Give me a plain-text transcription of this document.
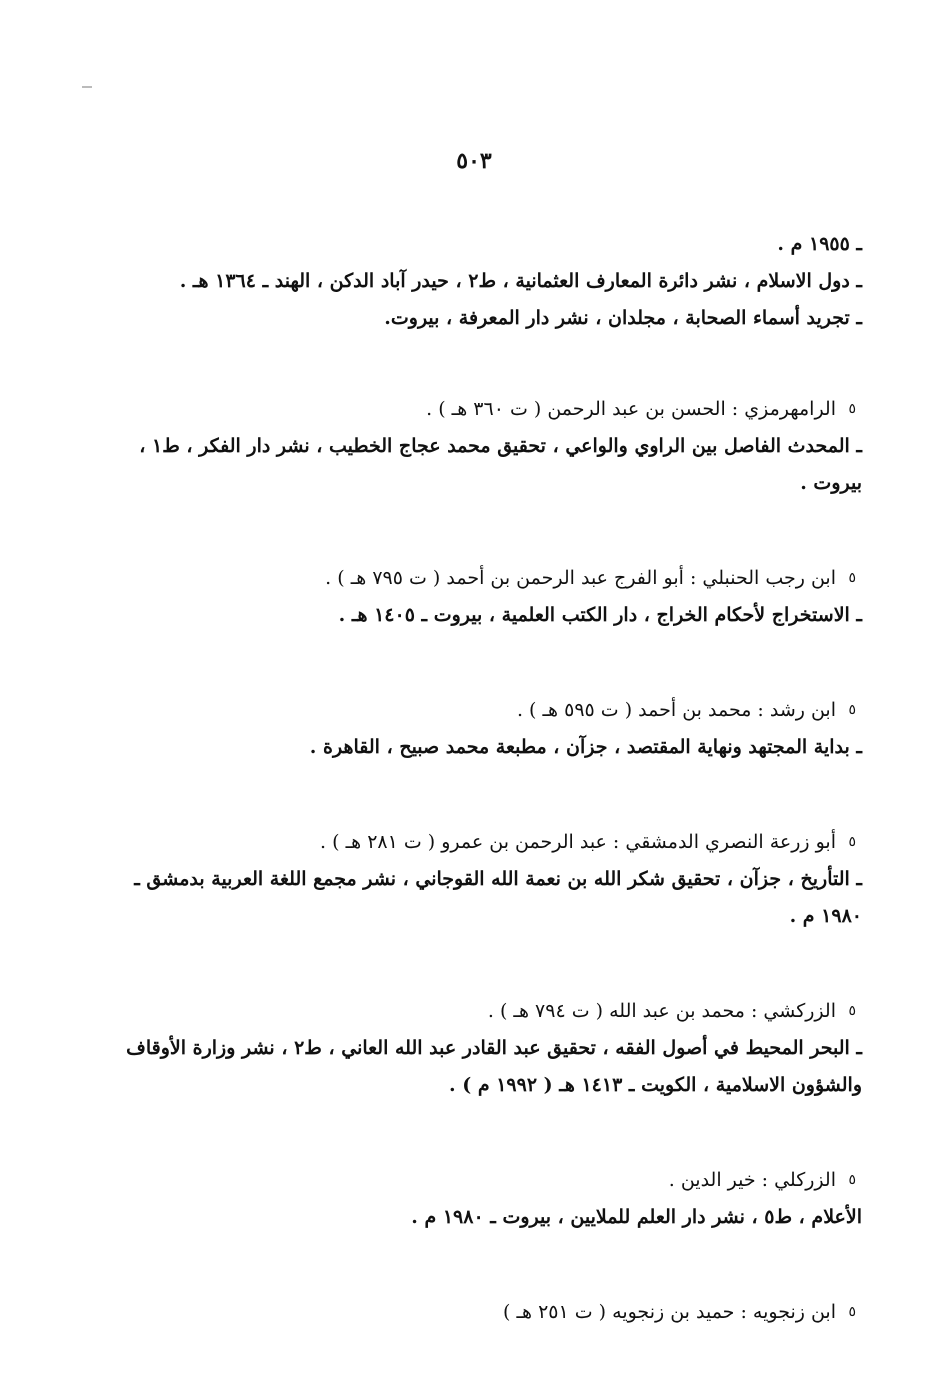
٥٠٣
ـ ١٩٥٥ م .
ـ دول الاسلام ، نشر دائرة المعارف العثمانية ، ط٢ ، حيدر آباد الدكن ، الهند ـ ١٣٦٤ هـ .
ـ تجريد أسماء الصحابة ، مجلدان ، نشر دار المعرفة ، بيروت.
٥
الرامهرمزي : الحسن بن عبد الرحمن ( ت ٣٦٠ هـ ) .
ـ المحدث الفاصل بين الراوي والواعي ، تحقيق محمد عجاج الخطيب ، نشر دار الفكر ، ط١ ، بيروت .
٥
ابن رجب الحنبلي : أبو الفرج عبد الرحمن بن أحمد ( ت ٧٩٥ هـ ) .
ـ الاستخراج لأحكام الخراج ، دار الكتب العلمية ، بيروت ـ ١٤٠٥ هـ .
٥
ابن رشد : محمد بن أحمد ( ت ٥٩٥ هـ ) .
ـ بداية المجتهد ونهاية المقتصد ، جزآن ، مطبعة محمد صبيح ، القاهرة .
٥
أبو زرعة النصري الدمشقي : عبد الرحمن بن عمرو ( ت ٢٨١ هـ ) .
ـ التأريخ ، جزآن ، تحقيق شكر الله بن نعمة الله القوجاني ، نشر مجمع اللغة العربية بدمشق ـ ١٩٨٠ م .
٥
الزركشي : محمد بن عبد الله ( ت ٧٩٤ هـ ) .
ـ البحر المحيط في أصول الفقه ، تحقيق عبد القادر عبد الله العاني ، ط٢ ، نشر وزارة الأوقاف والشؤون الاسلامية ، الكويت ـ ١٤١٣ هـ ( ١٩٩٢ م ) .
٥
الزركلي : خير الدين .
الأعلام ، ط٥ ، نشر دار العلم للملايين ، بيروت ـ ١٩٨٠ م .
٥
ابن زنجويه : حميد بن زنجويه ( ت ٢٥١ هـ )
